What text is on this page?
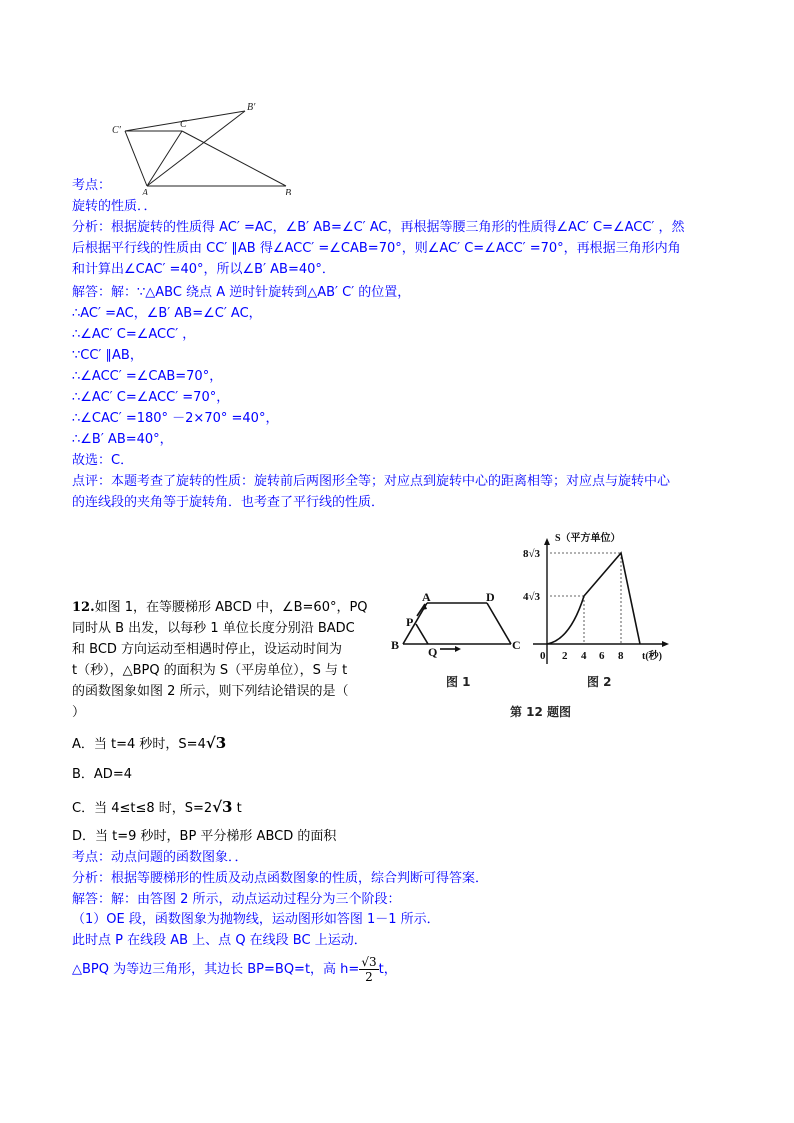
B′
C′
C
A	B
考点：
旋转的性质．．
分析：根据旋转的性质得 AC′ =AC，∠B′ AB=∠C′ AC，再根据等腰三角形的性质得∠AC′ C=∠ACC′ ，然
后根据平行线的性质由 CC′ ∥AB 得∠ACC′ =∠CAB=70°，则∠AC′ C=∠ACC′ =70°，再根据三角形内角
和计算出∠CAC′ =40°，所以∠B′ AB=40°．
解答：解：∵△ABC 绕点 A 逆时针旋转到△AB′ C′ 的位置，
∴AC′ =AC，∠B′ AB=∠C′ AC，
∴∠AC′ C=∠ACC′ ，
∵CC′ ∥AB，
∴∠ACC′ =∠CAB=70°，
∴∠AC′ C=∠ACC′ =70°，
∴∠CAC′ =180° －2×70° =40°，
∴∠B′ AB=40°，
故选：C．
点评：本题考查了旋转的性质：旋转前后两图形全等；对应点到旋转中心的距离相等；对应点与旋转中心
的连线段的夹角等于旋转角．也考查了平行线的性质．
A	D
P
B Q	C
图 1
S（平方单位）
8√3
4√3
0 2 4 6 8 t(秒)
图 2
第 12 题图
12.如图 1，在等腰梯形 ABCD 中，∠B=60°，PQ
同时从 B 出发，以每秒 1 单位长度分别沿 BADC
和 BCD 方向运动至相遇时停止，设运动时间为
t（秒），△BPQ 的面积为 S（平房单位），S 与 t
的函数图象如图 2 所示，则下列结论错误的是（
）
A．当 t=4 秒时，S=4√3
B．AD=4
C．当 4≤t≤8 时，S=2√3 t
D．当 t=9 秒时，BP 平分梯形 ABCD 的面积
考点：动点问题的函数图象．．
分析：根据等腰梯形的性质及动点函数图象的性质，综合判断可得答案．
解答：解：由答图 2 所示，动点运动过程分为三个阶段：
（1）OE 段，函数图象为抛物线，运动图形如答图 1－1 所示．
此时点 P 在线段 AB 上、点 Q 在线段 BC 上运动．
△BPQ 为等边三角形，其边长 BP=BQ=t，高 $h= \frac{√3}{2}$ t，
